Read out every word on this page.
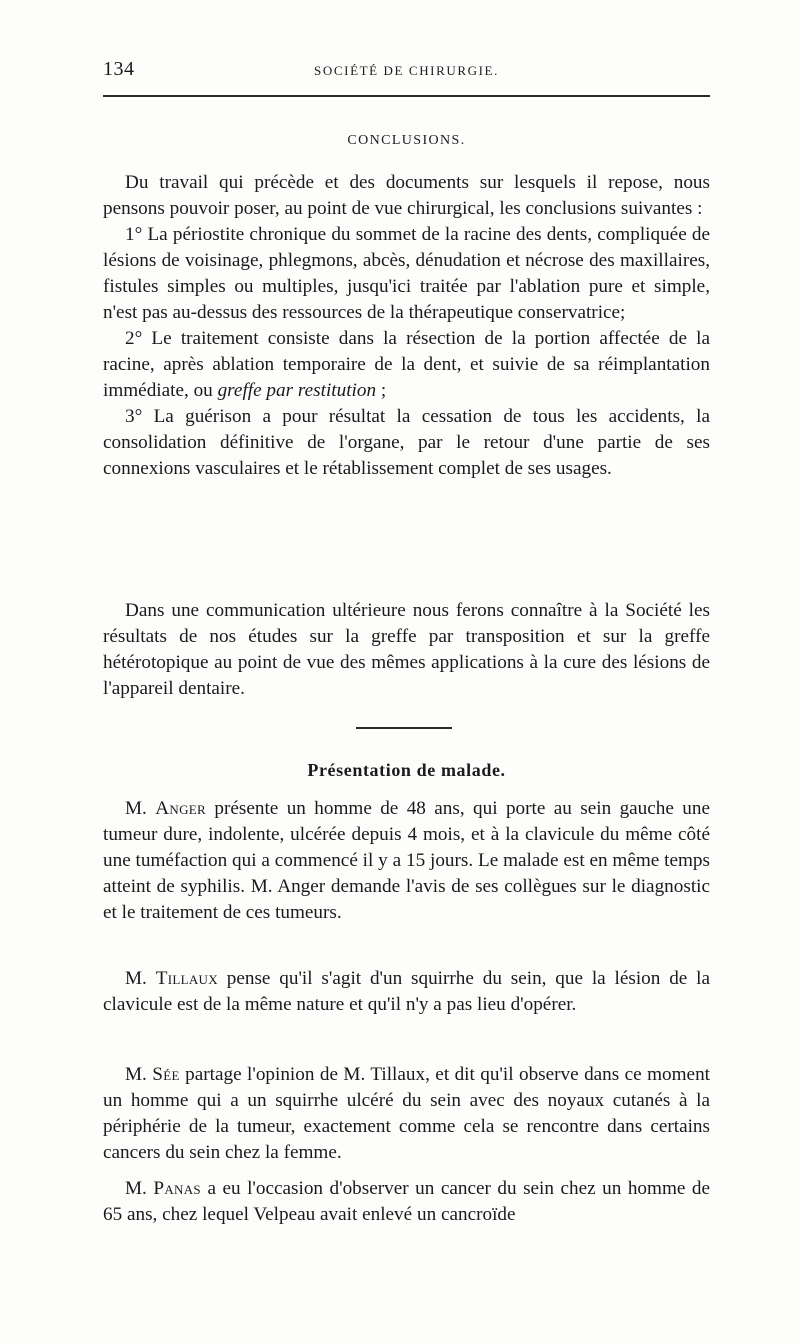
134	SOCIÉTÉ DE CHIRURGIE.
CONCLUSIONS.

Du travail qui précède et des documents sur lesquels il repose, nous pensons pouvoir poser, au point de vue chirurgical, les conclusions suivantes :

1° La périostite chronique du sommet de la racine des dents, compliquée de lésions de voisinage, phlegmons, abcès, dénudation et nécrose des maxillaires, fistules simples ou multiples, jusqu'ici traitée par l'ablation pure et simple, n'est pas au-dessus des ressources de la thérapeutique conservatrice;

2° Le traitement consiste dans la résection de la portion affectée de la racine, après ablation temporaire de la dent, et suivie de sa réimplantation immédiate, ou greffe par restitution ;

3° La guérison a pour résultat la cessation de tous les accidents, la consolidation définitive de l'organe, par le retour d'une partie de ses connexions vasculaires et le rétablissement complet de ses usages.

Dans une communication ultérieure nous ferons connaître à la Société les résultats de nos études sur la greffe par transposition et sur la greffe hétérotopique au point de vue des mêmes applications à la cure des lésions de l'appareil dentaire.

Présentation de malade.

M. Anger présente un homme de 48 ans, qui porte au sein gauche une tumeur dure, indolente, ulcérée depuis 4 mois, et à la clavicule du même côté une tuméfaction qui a commencé il y a 15 jours. Le malade est en même temps atteint de syphilis. M. Anger demande l'avis de ses collègues sur le diagnostic et le traitement de ces tumeurs.

M. Tillaux pense qu'il s'agit d'un squirrhe du sein, que la lésion de la clavicule est de la même nature et qu'il n'y a pas lieu d'opérer.

M. Sée partage l'opinion de M. Tillaux, et dit qu'il observe dans ce moment un homme qui a un squirrhe ulcéré du sein avec des noyaux cutanés à la périphérie de la tumeur, exactement comme cela se rencontre dans certains cancers du sein chez la femme.

M. Panas a eu l'occasion d'observer un cancer du sein chez un homme de 65 ans, chez lequel Velpeau avait enlevé un cancroïde
